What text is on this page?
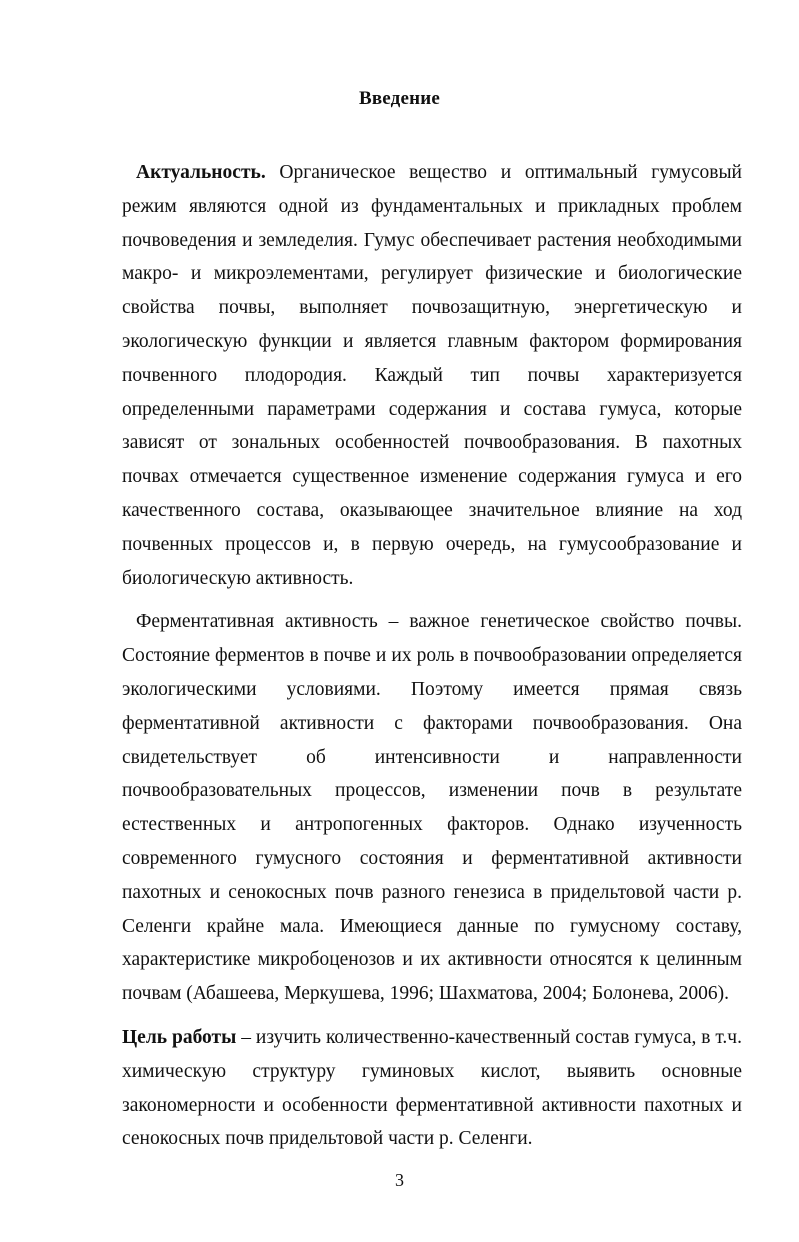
Введение

Актуальность. Органическое вещество и оптимальный гумусовый режим являются одной из фундаментальных и прикладных проблем почвоведения и земледелия. Гумус обеспечивает растения необходимыми макро- и микроэлементами, регулирует физические и биологические свойства почвы, выполняет почвозащитную, энергетическую и экологическую функции и является главным фактором формирования почвенного плодородия. Каждый тип почвы характеризуется определенными параметрами содержания и состава гумуса, которые зависят от зональных особенностей почвообразования. В пахотных почвах отмечается существенное изменение содержания гумуса и его качественного состава, оказывающее значительное влияние на ход почвенных процессов и, в первую очередь, на гумусообразование и биологическую активность.

Ферментативная активность – важное генетическое свойство почвы. Состояние ферментов в почве и их роль в почвообразовании определяется экологическими условиями. Поэтому имеется прямая связь ферментативной активности с факторами почвообразования. Она свидетельствует об интенсивности и направленности почвообразовательных процессов, изменении почв в результате естественных и антропогенных факторов. Однако изученность современного гумусного состояния и ферментативной активности пахотных и сенокосных почв разного генезиса в придельтовой части р. Селенги крайне мала. Имеющиеся данные по гумусному составу, характеристике микробоценозов и их активности относятся к целинным почвам (Абашеева, Меркушева, 1996; Шахматова, 2004; Болонева, 2006).

Цель работы – изучить количественно-качественный состав гумуса, в т.ч. химическую структуру гуминовых кислот, выявить основные закономерности и особенности ферментативной активности пахотных и сенокосных почв придельтовой части р. Селенги.

3
